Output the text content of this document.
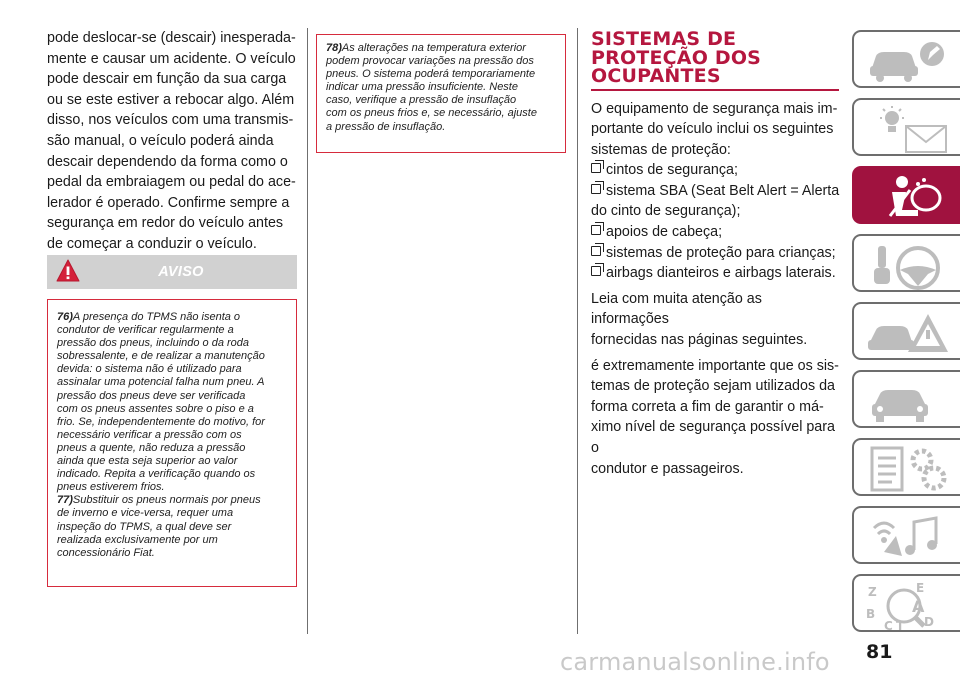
pode deslocar-se (descair) inesperada-
mente e causar um acidente. O veículo
pode descair em função da sua carga
ou se este estiver a rebocar algo. Além
disso, nos veículos com uma transmis-
são manual, o veículo poderá ainda
descair dependendo da forma como o
pedal da embraiagem ou pedal do ace-
lerador é operado. Confirme sempre a
segurança em redor do veículo antes
de começar a conduzir o veículo.

AVISO

76)A presença do TPMS não isenta o
condutor de verificar regularmente a
pressão dos pneus, incluindo o da roda
sobressalente, e de realizar a manutenção
devida: o sistema não é utilizado para
assinalar uma potencial falha num pneu. A
pressão dos pneus deve ser verificada
com os pneus assentes sobre o piso e a
frio. Se, independentemente do motivo, for
necessário verificar a pressão com os
pneus a quente, não reduza a pressão
ainda que esta seja superior ao valor
indicado. Repita a verificação quando os
pneus estiverem frios.

77)Substituir os pneus normais por pneus
de inverno e vice-versa, requer uma
inspeção do TPMS, a qual deve ser
realizada exclusivamente por um
concessionário Fiat.

78)As alterações na temperatura exterior
podem provocar variações na pressão dos
pneus. O sistema poderá temporariamente
indicar uma pressão insuficiente. Neste
caso, verifique a pressão de insuflação
com os pneus frios e, se necessário, ajuste
a pressão de insuflação.

SISTEMAS DE
PROTEÇÃO DOS
OCUPANTES

O equipamento de segurança mais im-
portante do veículo inclui os seguintes
sistemas de proteção:

cintos de segurança;
sistema SBA (Seat Belt Alert = Alerta
do cinto de segurança);
apoios de cabeça;
sistemas de proteção para crianças;
airbags dianteiros e airbags laterais.

Leia com muita atenção as informações
fornecidas nas páginas seguintes.

é extremamente importante que os sis-
temas de proteção sejam utilizados da
forma correta a fim de garantir o má-
ximo nível de segurança possível para o
condutor e passageiros.

Z	E
B A
C T D
carmanualsonline.info 81
